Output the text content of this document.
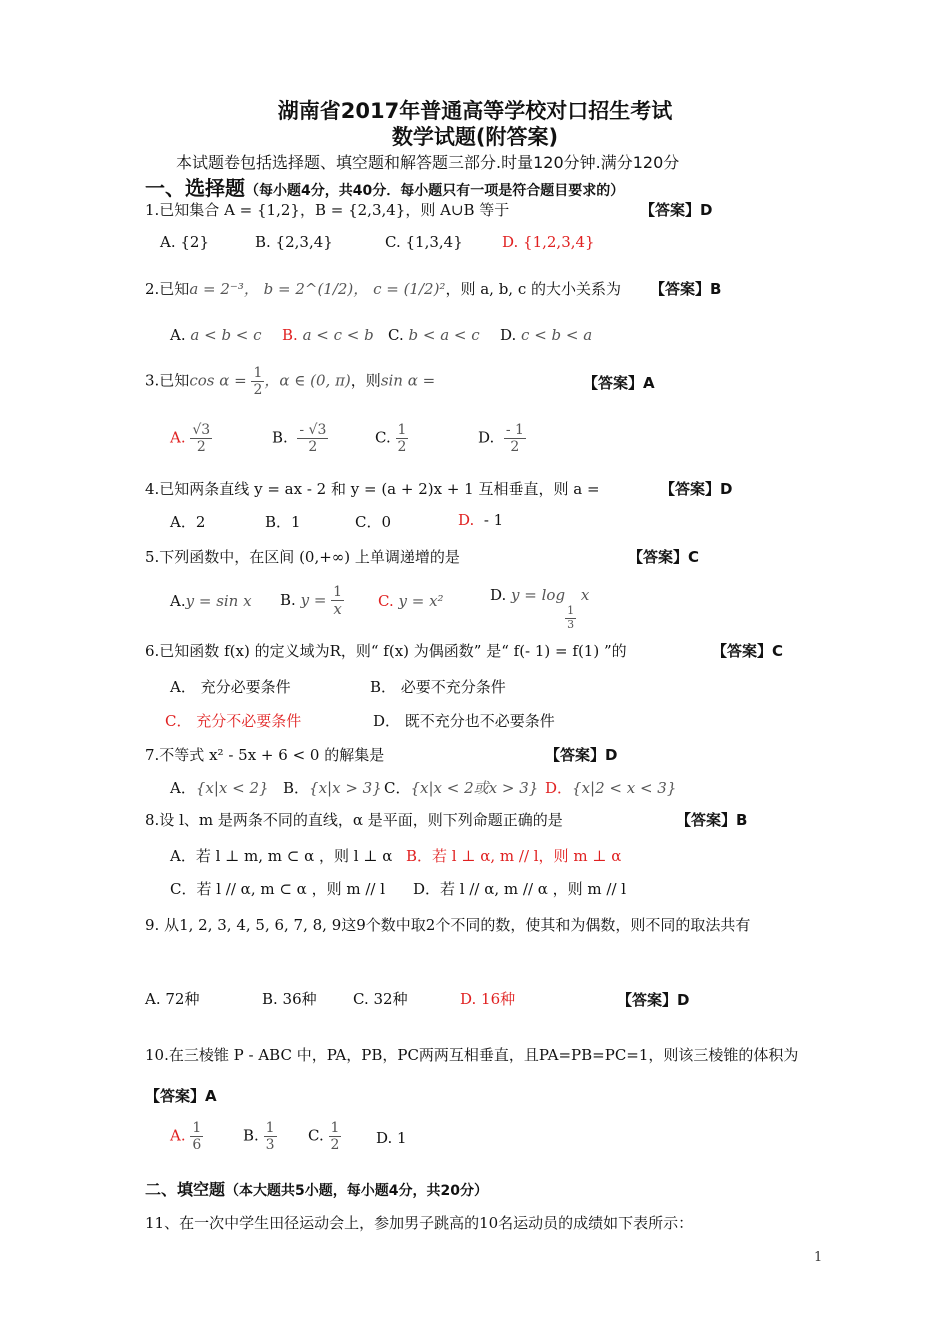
湖南省2017年普通高等学校对口招生考试
数学试题(附答案)
本试题卷包括选择题、填空题和解答题三部分.时量120分钟.满分120分
一、选择题（每小题4分，共40分．每小题只有一项是符合题目要求的）
1.已知集合 A = {1,2}，B = {2,3,4}，则 A∪B 等于	【答案】D
A. {2}	B. {2,3,4}	C. {1,3,4}	D. {1,2,3,4}
2.已知a = 2⁻³， b = 2^(1/2)， c = (1/2)²，则 a, b, c 的大小关系为 【答案】B
A. a < b < c B. a < c < b C. b < a < c D. c < b < a
3.已知$\cos \alpha = \frac{1}{2}$ ，α ∈ (0, π)，则sin α =	【答案】A
A. $\frac{√3}{2}$	B. $\frac{- √3}{2}$	C. $\frac{1}{2}$	D. $\frac{- 1}{2}$
4.已知两条直线 y = ax - 2 和 y = (a + 2)x + 1 互相垂直，则 a =	【答案】D
A．2	B．1	C．0	D. - 1
5.下列函数中，在区间 (0,+∞) 上单调递增的是	【答案】C
A.y = sin x B. $y = \frac{1}{x} C$. y = x²	D. y = log
$\frac{1}{3}$
x
6.已知函数 f(x) 的定义域为R，则“ f(x) 为偶函数” 是“ f(- 1) = f(1) ”的	【答案】C
A． 充分必要条件	B． 必要不充分条件
C． 充分不必要条件	D． 既不充分也不必要条件
7.不等式 x² - 5x + 6 < 0 的解集是	【答案】D
A．{x|x < 2} B．{x|x > 3} C．{x|x < 2或x > 3} D．{x|2 < x < 3}
8.设 l、m 是两条不同的直线，α 是平面，则下列命题正确的是	【答案】B
A．若 l ⊥ m, m ⊂ α ，则 l ⊥ α B．若 l ⊥ α, m // l，则 m ⊥ α
C．若 l // α, m ⊂ α ，则 m // l D．若 l // α, m // α ，则 m // l
9. 从1, 2, 3, 4, 5, 6, 7, 8, 9这9个数中取2个不同的数，使其和为偶数，则不同的取法共有
A. 72种	B. 36种 C. 32种	D. 16种	【答案】D
10.在三棱锥 P - ABC 中，PA，PB，PC两两互相垂直，且PA=PB=PC=1，则该三棱锥的体积为
【答案】A
A. $\frac{1}{6}$	B. $\frac{1}{3} C$. $\frac{1}{2} D$. 1
二、填空题（本大题共5小题，每小题4分，共20分）
11、在一次中学生田径运动会上，参加男子跳高的10名运动员的成绩如下表所示：
1
